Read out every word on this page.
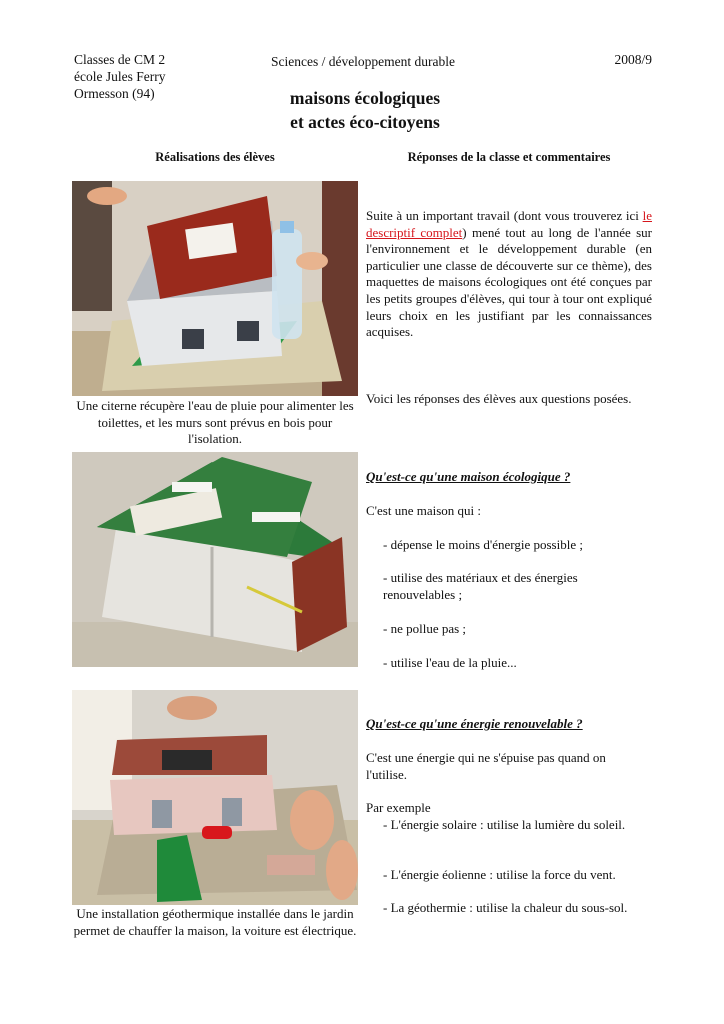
Classes de CM 2
école Jules Ferry
Ormesson (94)
Sciences / développement durable	2008/9
maisons écologiques
et actes éco-citoyens
Réalisations des élèves	Réponses de la classe et commentaires
Une citerne récupère l'eau de pluie pour alimenter les toilettes, et les murs sont prévus en bois pour l'isolation.
Une installation géothermique installée dans le jardin permet de chauffer la maison, la voiture est électrique.
Suite à un important travail (dont vous trouverez ici le descriptif complet) mené tout au long de l'année sur l'environnement et le développement durable (en particulier une classe de découverte sur ce thème), des maquettes de maisons écologiques ont été conçues par les petits groupes d'élèves, qui tour à tour ont expliqué leurs choix en les justifiant par les connaissances acquises.
Voici les réponses des élèves aux questions posées.
Qu'est-ce qu'une maison écologique ?
C'est une maison qui :
- dépense le moins d'énergie possible ;
- utilise des matériaux et des énergies renouvelables ;
- ne pollue pas ;
- utilise l'eau de la pluie...
Qu'est-ce qu'une énergie renouvelable ?
C'est une énergie qui ne s'épuise pas quand on l'utilise.
Par exemple
- L'énergie solaire : utilise la lumière du soleil.
- L'énergie éolienne : utilise la force du vent.
- La géothermie : utilise la chaleur du sous-sol.
